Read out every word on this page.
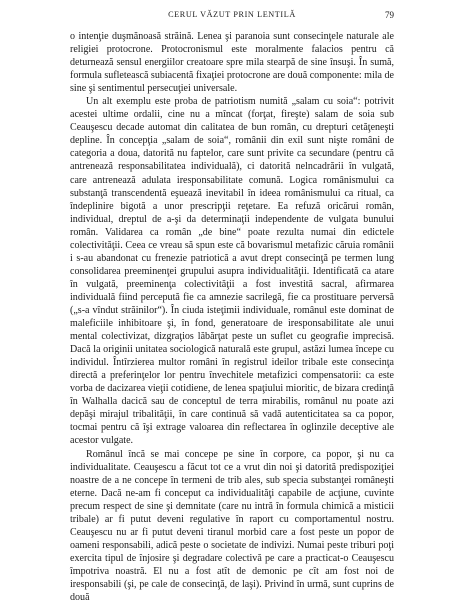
CERUL VĂZUT PRIN LENTILĂ	79

o intenţie duşmănoasă străină. Lenea şi paranoia sunt consecinţele naturale ale religiei protocrone. Protocronismul este moralmente falacios pentru că deturnează sensul energiilor creatoare spre mila stearpă de sine însuşi. În sumă, formula sufletească subiacentă fixaţiei protocrone are două componente: mila de sine şi sentimentul persecuţiei universale.

Un alt exemplu este proba de patriotism numită „salam cu soia“: potrivit acestei ultime ordalii, cine nu a mîncat (forţat, fireşte) salam de soia sub Ceauşescu decade automat din calitatea de bun român, cu drepturi cetăţeneşti depline. În concepţia „salam de soia“, românii din exil sunt nişte români de categoria a doua, datorită nu faptelor, care sunt privite ca secundare (pentru că antrenează responsabilitatea individuală), ci datorită nelncadrării în vulgată, care antrenează adulata iresponsabilitate comună. Logica românismului ca substanţă transcendentă eşuează inevitabil în ideea românismului ca ritual, ca îndeplinire bigotă a unor prescripţii reţetare. Ea refuză oricărui român, individual, dreptul de a-şi da determinaţii independente de vulgata bunului român. Validarea ca român „de bine“ poate rezulta numai din edictele colectivităţii. Ceea ce vreau să spun este că bovarismul metafizic căruia românii i s-au abandonat cu frenezie patriotică a avut drept consecinţă pe termen lung consolidarea preeminenţei grupului asupra individualităţii. Identificată ca atare în vulgată, preeminenţa colectivităţii a fost investită sacral, afirmarea individuală fiind percepută fie ca amnezie sacrilegă, fie ca prostituare perversă („s-a vîndut străinilor“). În ciuda isteţimii individuale, românul este dominat de maleficiile inhibitoare şi, în fond, generatoare de iresponsabilitate ale unui mental colectivizat, dizgraţios lăbărţat peste un suflet cu geografie imprecisă. Dacă la originii unitatea sociologică naturală este grupul, astăzi lumea începe cu individul. Întîrzierea multor români în registrul ideilor tribale este consecinţa directă a preferinţelor lor pentru învechitele metafizici compensatorii: ca este vorba de dacizarea vieţii cotidiene, de lenea spaţiului mioritic, de bizara credinţă în Walhalla dacică sau de conceptul de terra mirabilis, românul nu poate azi depăşi mirajul tribalităţii, în care continuă să vadă autenticitatea sa ca popor, tocmai pentru că îşi extrage valoarea din reflectarea în oglinzile deceptive ale acestor vulgate.

Românul încă se mai concepe pe sine în corpore, ca popor, şi nu ca individualitate. Ceauşescu a făcut tot ce a vrut din noi şi datorită predispoziţiei noastre de a ne concepe în termeni de trib ales, sub specia substanţei româneşti eterne. Dacă ne-am fi conceput ca individualităţi capabile de acţiune, cuvinte precum respect de sine şi demnitate (care nu intră în formula chimică a misticii tribale) ar fi putut deveni regulative în raport cu comportamentul nostru. Ceauşescu nu ar fi putut deveni tiranul morbid care a fost peste un popor de oameni responsabili, adică peste o societate de indivizi. Numai peste triburi poţi exercita tipul de înjosire şi degradare colectivă pe care a practicat-o Ceauşescu împotriva noastră. El nu a fost atît de demonic pe cît am fost noi de iresponsabili (şi, pe cale de consecinţă, de laşi). Privind în urmă, sunt cuprins de două
